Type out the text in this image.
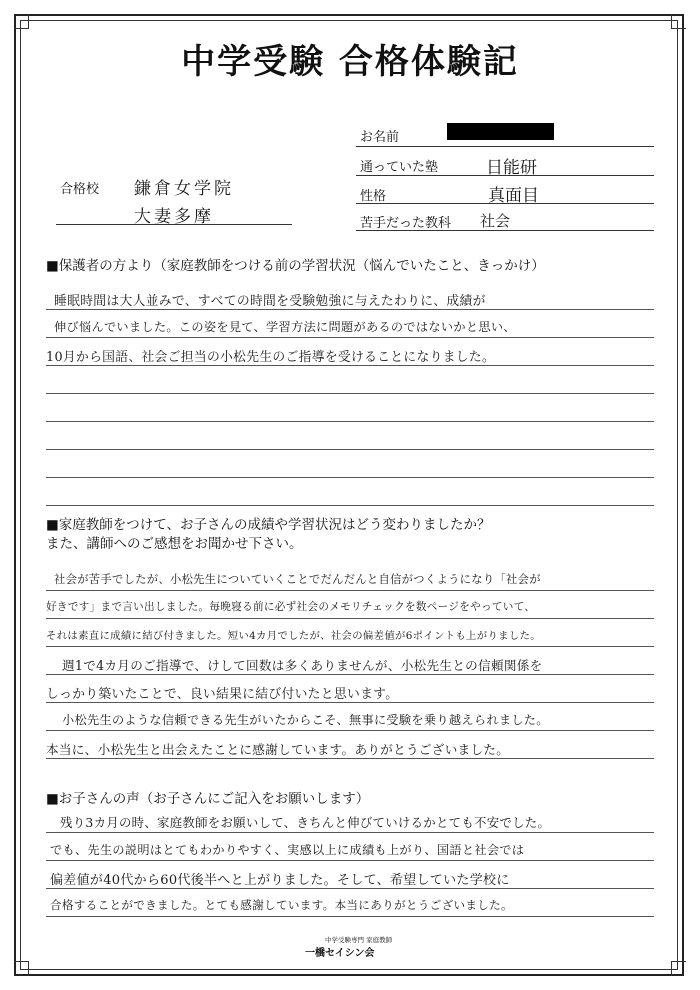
中学受験 合格体験記
お名前
通っていた塾	日能研
性格	真面目
苦手だった教科 社会
合格校 鎌倉女学院
大妻多摩
■保護者の方より（家庭教師をつける前の学習状況（悩んでいたこと、きっかけ）
睡眠時間は大人並みで、すべての時間を受験勉強に与えたわりに、成績が
伸び悩んでいました。この姿を見て、学習方法に問題があるのではないかと思い、
10月から国語、社会ご担当の小松先生のご指導を受けることになりました。
■家庭教師をつけて、お子さんの成績や学習状況はどう変わりましたか？
また、講師へのご感想をお聞かせ下さい。
社会が苦手でしたが、小松先生についていくことでだんだんと自信がつくようになり「社会が
好きです」まで言い出しました。毎晩寝る前に必ず社会のメモリチェックを数ページをやっていて、
それは素直に成績に結び付きました。短い4カ月でしたが、社会の偏差値が6ポイントも上がりました。
週1で4カ月のご指導で、けして回数は多くありませんが、小松先生との信頼関係を
しっかり築いたことで、良い結果に結び付いたと思います。
小松先生のような信頼できる先生がいたからこそ、無事に受験を乗り越えられました。
本当に、小松先生と出会えたことに感謝しています。ありがとうございました。
■お子さんの声（お子さんにご記入をお願いします）
残り3カ月の時、家庭教師をお願いして、きちんと伸びていけるかとても不安でした。
でも、先生の説明はとてもわかりやすく、実感以上に成績も上がり、国語と社会では
偏差値が40代から60代後半へと上がりました。そして、希望していた学校に
合格することができました。とても感謝しています。本当にありがとうございました。
中学受験専門 家庭教師
一橋セイシン会
